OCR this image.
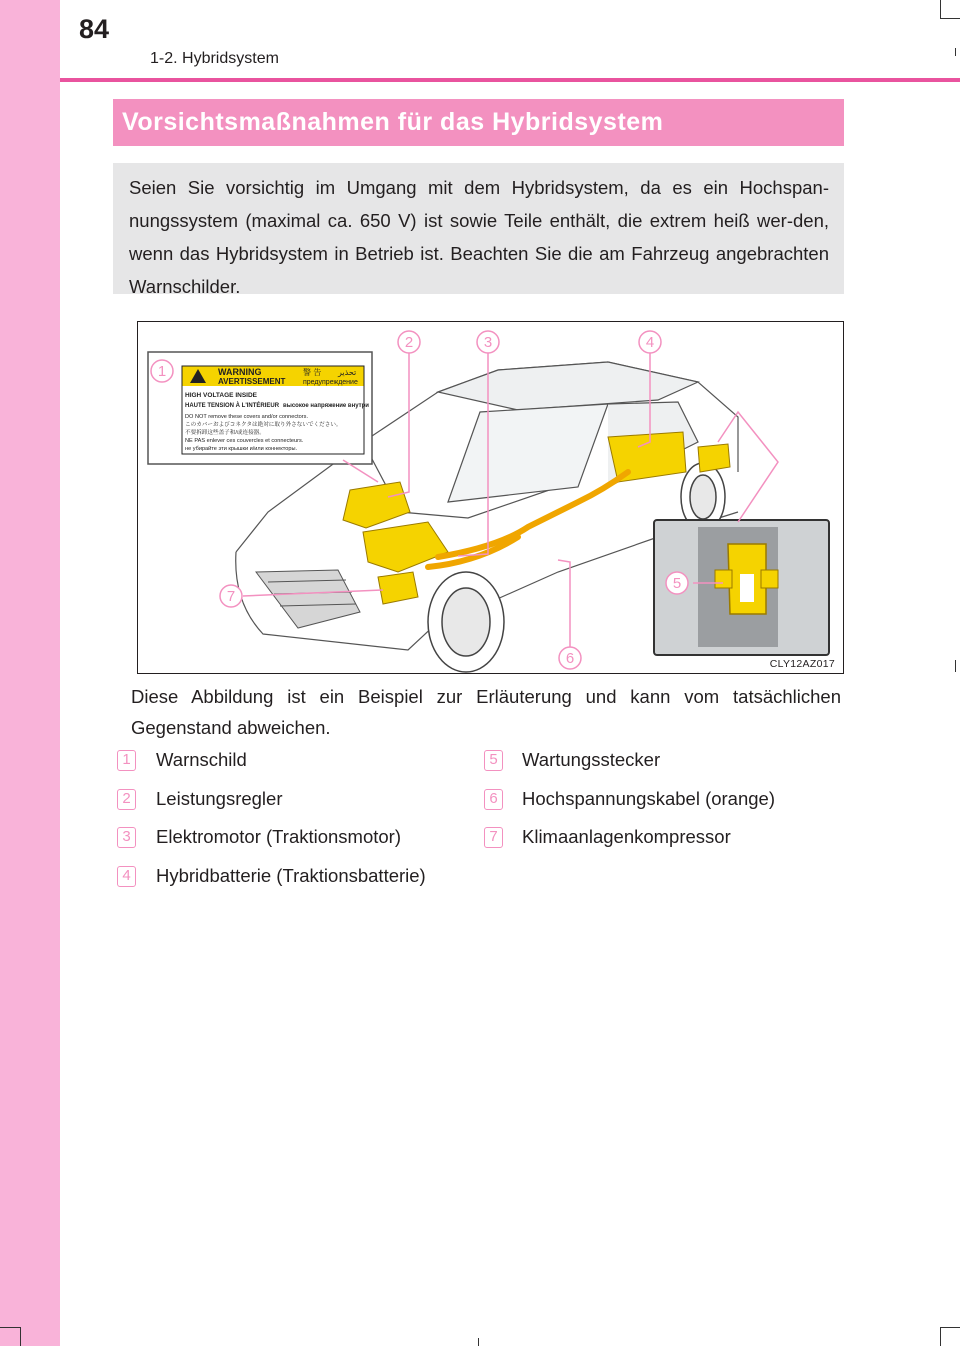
84
1-2. Hybridsystem
Vorsichtsmaßnahmen für das Hybridsystem
Seien Sie vorsichtig im Umgang mit dem Hybridsystem, da es ein Hochspan-nungssystem (maximal ca. 650 V) ist sowie Teile enthält, die extrem heiß wer-den, wenn das Hybridsystem in Betrieb ist. Beachten Sie die am Fahrzeug angebrachten Warnschilder.
WARNING	警 告 تحذير
AVERTISSEMENT	предупреждение
HIGH VOLTAGE INSIDE
HAUTE TENSION À L'INTÉRIEUR высокое напряжение внутри
DO NOT remove these covers and/or connectors.
このカバーおよびコネクタは絶対に取り外さないでください。
不要拆卸这些盖子和/或连接器。
NE PAS enlever ces couvercles et connecteurs.
не убирайте эти крышки и/или коннекторы.
1
2	3	4
5
6
7
CLY12AZ017
Diese Abbildung ist ein Beispiel zur Erläuterung und kann vom tatsächlichen Gegenstand abweichen.
1 Warnschild
2 Leistungsregler
3 Elektromotor (Traktionsmotor)
4 Hybridbatterie (Traktionsbatterie)
5 Wartungsstecker
6 Hochspannungskabel (orange)
7 Klimaanlagenkompressor
